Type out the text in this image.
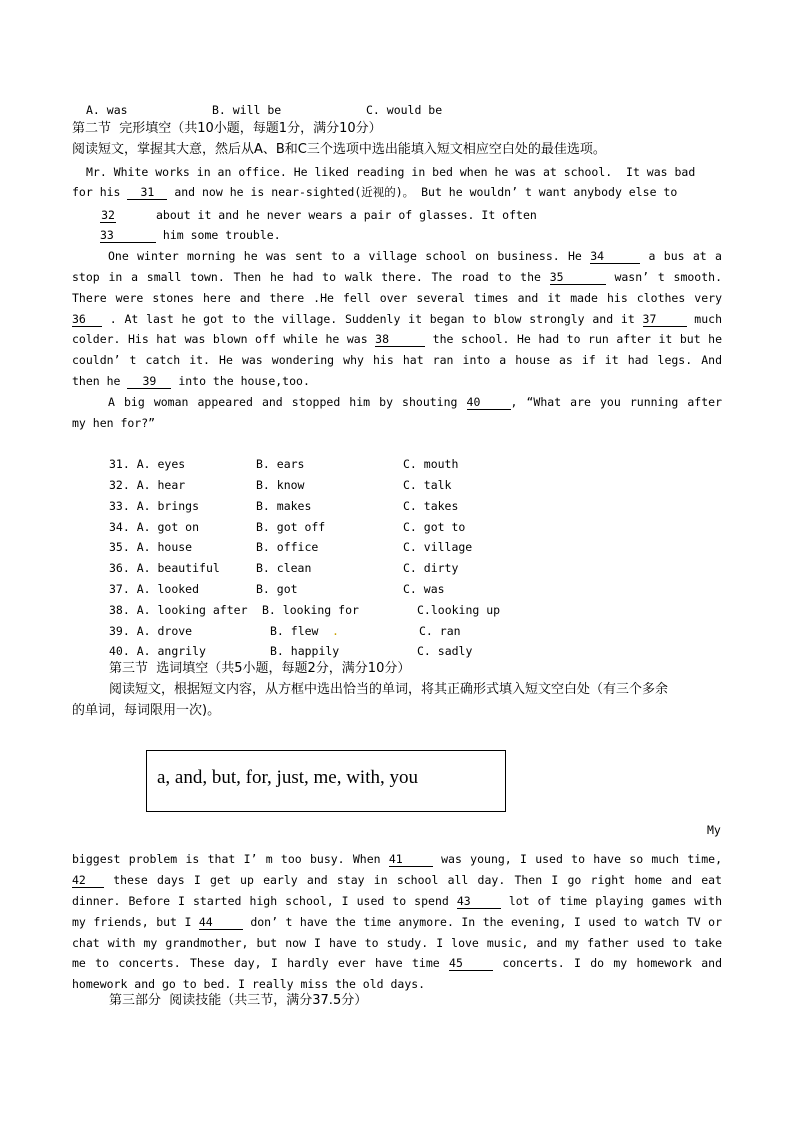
A. was	B. will be	C. would be
第二节  完形填空（共10小题，每题1分，满分10分）
阅读短文，掌握其大意，然后从A、B和C三个选项中选出能填入短文相应空白处的最佳选项。
Mr. White works in an office. He liked reading in bed when he was at school.  It was bad
for his 31 and now he is near-sighted(近视的)。 But he wouldn’ t want anybody else to
32	about it and he never wears a pair of glasses. It often
33	him some trouble.
One winter morning he was sent to a village school on business. He 34	a bus at a
stop in a small town. Then he had to walk there. The road to the 35	wasn’ t smooth.
There were stones here and there .He fell over several times and it made his clothes very
36 . At last he got to the village. Suddenly it began to blow strongly and it 37	much
colder. His hat was blown off while he was 38	the school. He had to run after it but he
couldn’ t catch it. He was wondering why his hat ran into a house as if it had legs. And
then he 39 into the house,too.
A big woman appeared and stopped him by shouting 40	, “What are you running after
my hen for?”
31. A. eyes	B. ears	C. mouth
32. A. hear	B. know	C. talk
33. A. brings	B. makes	C. takes
34. A. got on	B. got off	C. got to
35. A. house	B. office	C. village
36. A. beautiful	B. clean	C. dirty
37. A. looked	B. got	C. was
38. A. looking after B. looking for	C.looking up
39. A. drove	B. flew .	C. ran
40. A. angrily	B. happily	C. sadly
第三节  选词填空（共5小题，每题2分，满分10分）
阅读短文，根据短文内容，从方框中选出恰当的单词，将其正确形式填入短文空白处（有三个多余
的单词，每词限用一次)。
a, and, but, for, just, me, with, you
My
biggest problem is that I’ m too busy. When 41	was young, I used to have so much time,
42 these days I get up early and stay in school all day. Then I go right home and eat
dinner. Before I started high school, I used to spend 43	lot of time playing games with
my friends, but I 44	don’ t have the time anymore. In the evening, I used to watch TV or
chat with my grandmother, but now I have to study. I love music, and my father used to take
me to concerts. These day, I hardly ever have time 45	concerts. I do my homework and
homework and go to bed. I really miss the old days.
第三部分  阅读技能（共三节，满分37.5分）
